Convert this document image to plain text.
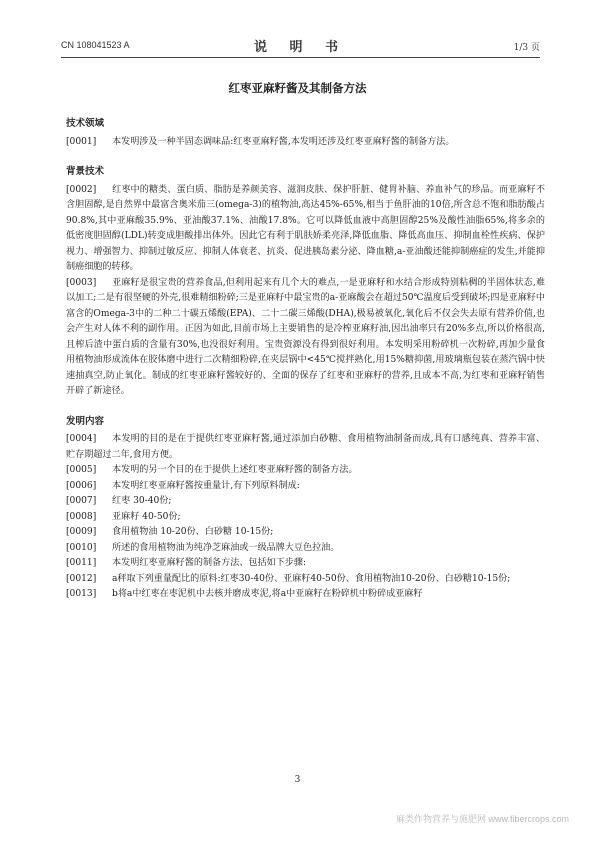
CN 108041523 A	说 明 书	1/3 页
红枣亚麻籽酱及其制备方法
技术领域

[0001] 本发明涉及一种半固态调味品:红枣亚麻籽酱,本发明还涉及红枣亚麻籽酱的制备方法。

背景技术

[0002] 红枣中的糖类、蛋白质、脂肪是养颜美容、滋润皮肤、保护肝脏、健胃补脑、养血补气的珍品。而亚麻籽不含胆固醇,是自然界中最富含奥米茄三(omega-3)的植物油,高达45%-65%,相当于鱼肝油的10倍,所含总不饱和脂肪酸占90.8%,其中亚麻酸35.9%、亚油酸37.1%、油酸17.8%。它可以降低血液中高胆固醇25%及酸性油脂65%,将多余的低密度胆固醇(LDL)转变成胆酸排出体外。因此它有利于肌肤娇柔亮泽,降低血脂、降低高血压、抑制血栓性疾病、保护视力、增强智力、抑制过敏反应、抑制人体衰老、抗炎、促进胰岛素分泌、降血糖,a-亚油酸还能抑制癌症的发生,并能抑制癌细胞的转移。

[0003] 亚麻籽是很宝贵的营养食品,但利用起来有几个大的难点,一是亚麻籽和水结合形成特别粘稠的半固体状态,难以加工;二是有很坚硬的外壳,很难精细粉碎;三是亚麻籽中最宝贵的a-亚麻酸会在超过50℃温度后受到破坏;四是亚麻籽中富含的Omega-3中的二种二十碳五烯酸(EPA)、二十二碳三烯酸(DHA),极易被氧化,氧化后不仅会失去原有营养价值,也会产生对人体不利的副作用。正因为如此,目前市场上主要销售的是冷榨亚麻籽油,因出油率只有20%多点,所以价格很高,且榨后渣中蛋白质的含量有30%,也没很好利用。宝贵资源没有得到很好利用。本发明采用粉碎机一次粉碎,再加少量食用植物油形成流体在胶体磨中进行二次精细粉碎,在夹层锅中<45℃搅拌熟化,用15%糖抑菌,用玻璃瓶包装在蒸汽锅中快速抽真空,防止氧化。制成的红枣亚麻籽酱较好的、全面的保存了红枣和亚麻籽的营养,且成本不高,为红枣和亚麻籽销售开辟了新途径。

发明内容

[0004] 本发明的目的是在于提供红枣亚麻籽酱,通过添加白砂糖、食用植物油制备而成,具有口感纯真、营养丰富、贮存期超过二年,食用方便。

[0005] 本发明的另一个目的在于提供上述红枣亚麻籽酱的制备方法。

[0006] 本发明红枣亚麻籽酱按重量计,有下列原料制成:

[0007] 红枣 30-40份;

[0008] 亚麻籽 40-50份;

[0009] 食用植物油 10-20份、白砂糖 10-15份;

[0010] 所述的食用植物油为纯净芝麻油或一级品牌大豆色拉油。

[0011] 本发明红枣亚麻籽酱的制备方法、包括如下步骤:

[0012] a秤取下列重量配比的原料:红枣30-40份、亚麻籽40-50份、食用植物油10-20份、白砂糖10-15份;

[0013] b将a中红枣在枣泥机中去核并磨成枣泥,将a中亚麻籽在粉碎机中粉碎成亚麻籽

3
麻类作物营养与施肥网 www.fibercrops.com
